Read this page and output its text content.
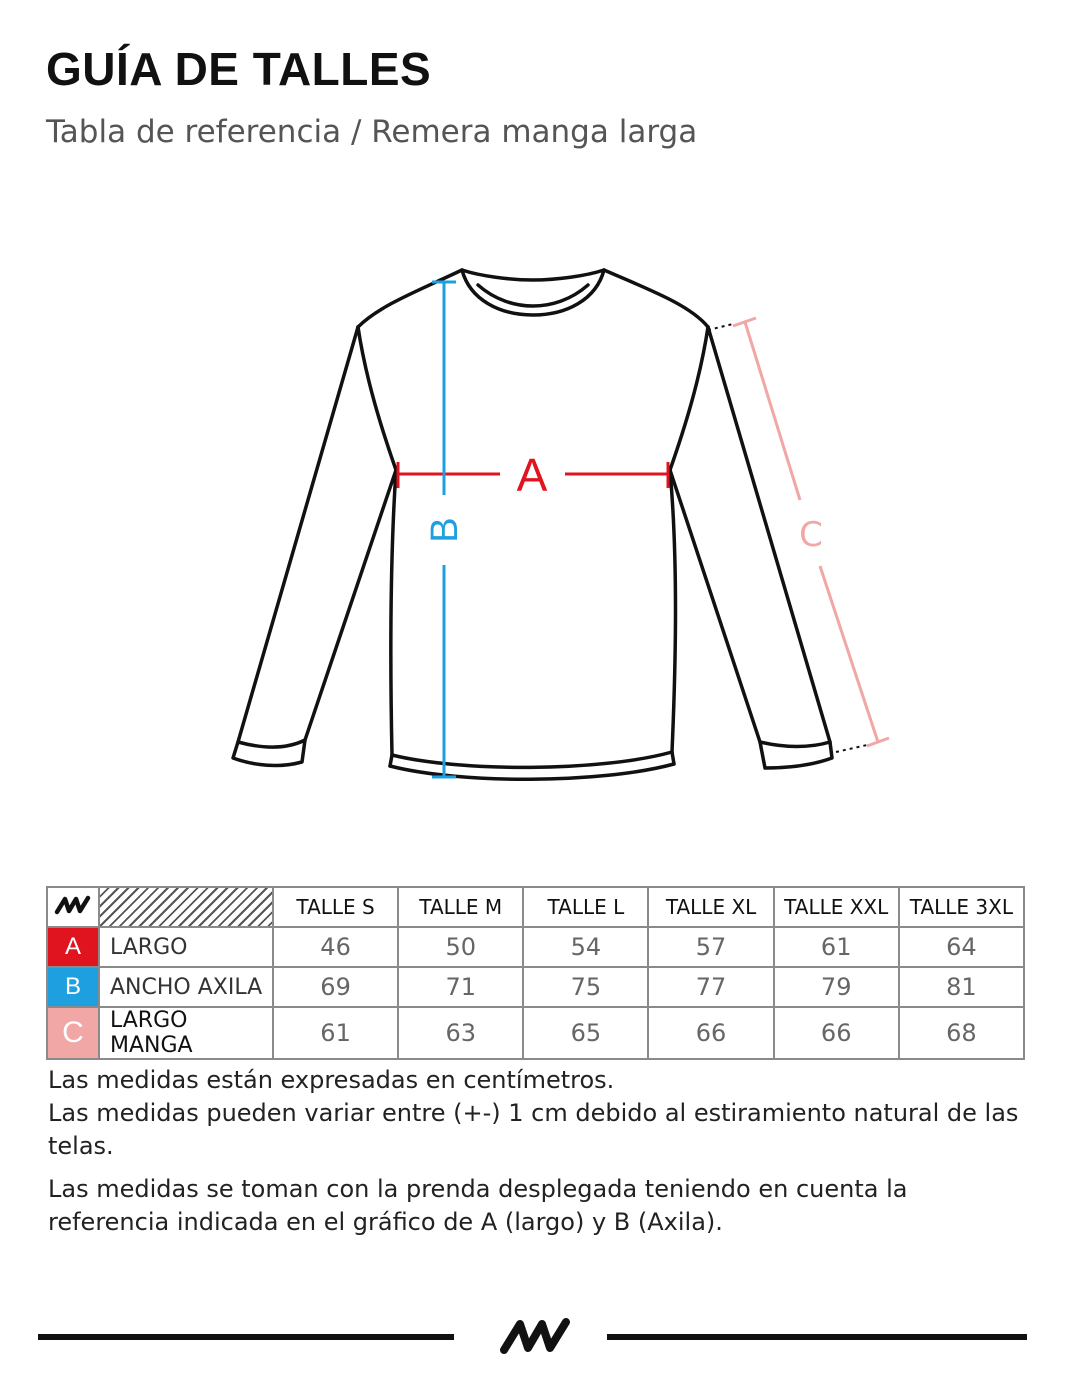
GUÍA DE TALLES

Tabla de referencia / Remera manga larga

A
B	C
		TALLE S	TALLE M	TALLE L	TALLE XL	TALLE XXL	TALLE 3XL
A	LARGO	46	50	54	57	61	64
B	ANCHO AXILA	69	71	75	77	79	81
C	LARGO MANGA	61	63	65	66	66	68

Las medidas están expresadas en centímetros.

Las medidas pueden variar entre (+-) 1 cm debido al estiramiento natural de las telas.

Las medidas se toman con la prenda desplegada teniendo en cuenta la referencia indicada en el gráfico de A (largo) y B (Axila).
